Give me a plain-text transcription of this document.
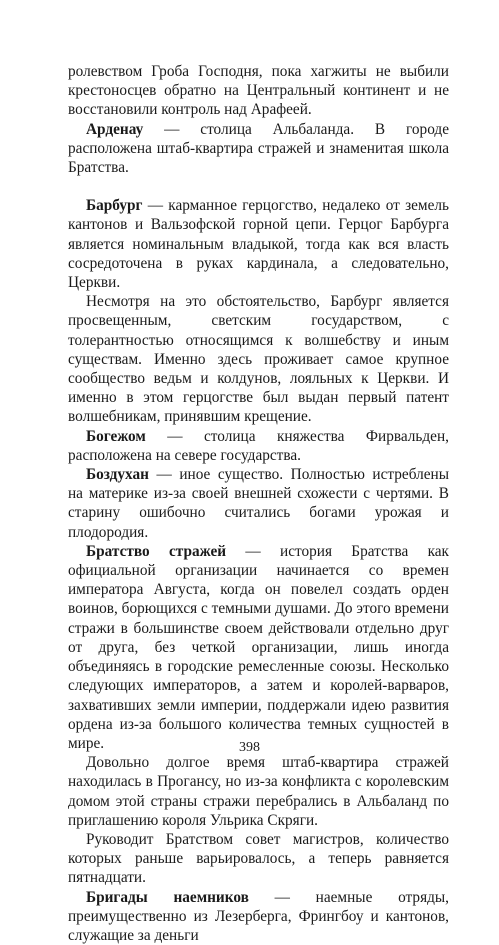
ролевством Гроба Господня, пока хагжиты не выбили крестоносцев обратно на Центральный континент и не восстановили контроль над Арафеей.

Арденау — столица Альбаланда. В городе расположена штаб-квартира стражей и знаменитая школа Братства.

Барбург — карманное герцогство, недалеко от земель кантонов и Вальзофской горной цепи. Герцог Барбурга является номинальным владыкой, тогда как вся власть сосредоточена в руках кардинала, а следовательно, Церкви.

Несмотря на это обстоятельство, Барбург является просвещенным, светским государством, с толерантностью относящимся к волшебству и иным существам. Именно здесь проживает самое крупное сообщество ведьм и колдунов, лояльных к Церкви. И именно в этом герцогстве был выдан первый патент волшебникам, принявшим крещение.

Богежом — столица княжества Фирвальден, расположена на севере государства.

Боздухан — иное существо. Полностью истреблены на материке из-за своей внешней схожести с чертями. В старину ошибочно считались богами урожая и плодородия.

Братство стражей — история Братства как официальной организации начинается со времен императора Августа, когда он повелел создать орден воинов, борющихся с темными душами. До этого времени стражи в большинстве своем действовали отдельно друг от друга, без четкой организации, лишь иногда объединяясь в городские ремесленные союзы. Несколько следующих императоров, а затем и королей-варваров, захвативших земли империи, поддержали идею развития ордена из-за большого количества темных сущностей в мире.

Довольно долгое время штаб-квартира стражей находилась в Прогансу, но из-за конфликта с королевским домом этой страны стражи перебрались в Альбаланд по приглашению короля Ульрика Скряги.

Руководит Братством совет магистров, количество которых раньше варьировалось, а теперь равняется пятнадцати.

Бригады наемников — наемные отряды, преимущественно из Лезерберга, Фрингбоу и кантонов, служащие за деньги

398
